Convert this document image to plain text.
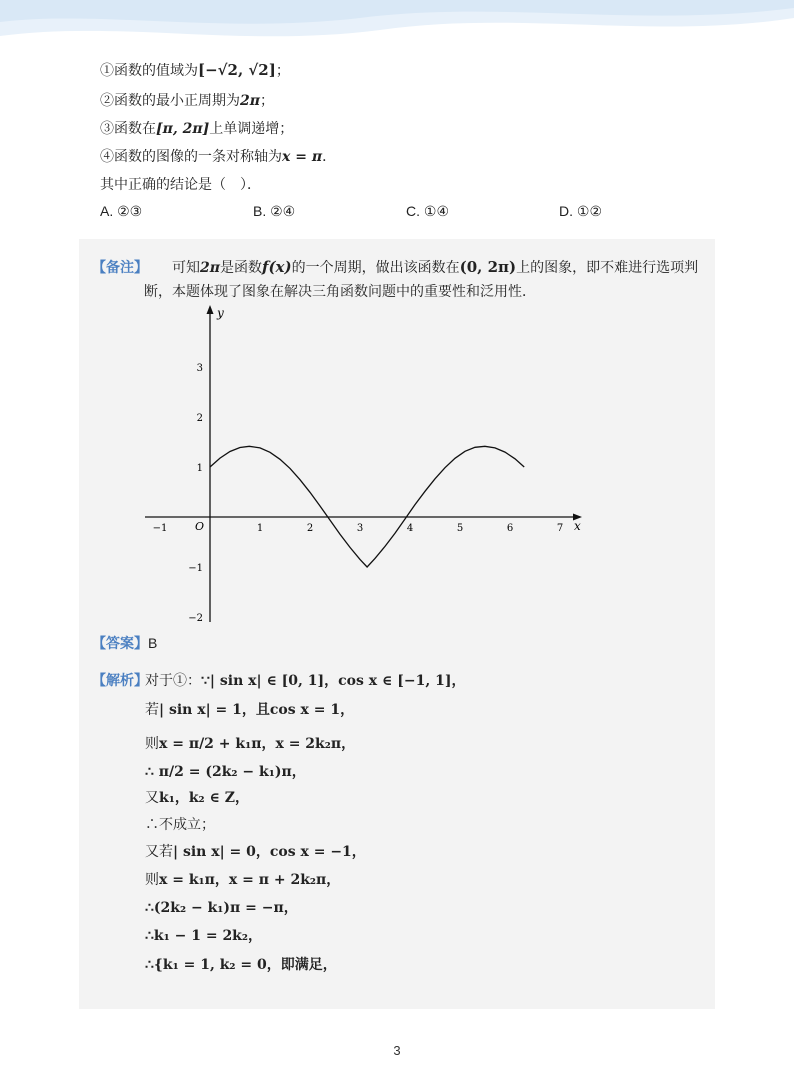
①函数的值域为[−√2, √2]；
②函数的最小正周期为2π；
③函数在[π, 2π]上单调递增；
④函数的图像的一条对称轴为x = π．
其中正确的结论是（　）．
A. ②③	B. ②④	C. ①④	D. ①②
【备注】 可知2π是函数f(x)的一个周期，做出该函数在(0, 2π)上的图象，即不难进行选项判
断，本题体现了图象在解决三角函数问题中的重要性和泛用性．
x
y
O
−1	1	2	3	4	5	6	7
3
2
1
−1
−2
【答案】B
【解析】
对于①：∵| sin x| ∈ [0, 1]，cos x ∈ [−1, 1]，
若| sin x| = 1，且cos x = 1，
则x = π/2 + k₁π，x = 2k₂π，
∴ π/2 = (2k₂ − k₁)π，
又k₁，k₂ ∈ Z，
∴不成立；
又若| sin x| = 0，cos x = −1，
则x = k₁π，x = π + 2k₂π，
∴(2k₂ − k₁)π = −π，
∴k₁ − 1 = 2k₂，
∴{k₁ = 1, k₂ = 0，即满足，
3
